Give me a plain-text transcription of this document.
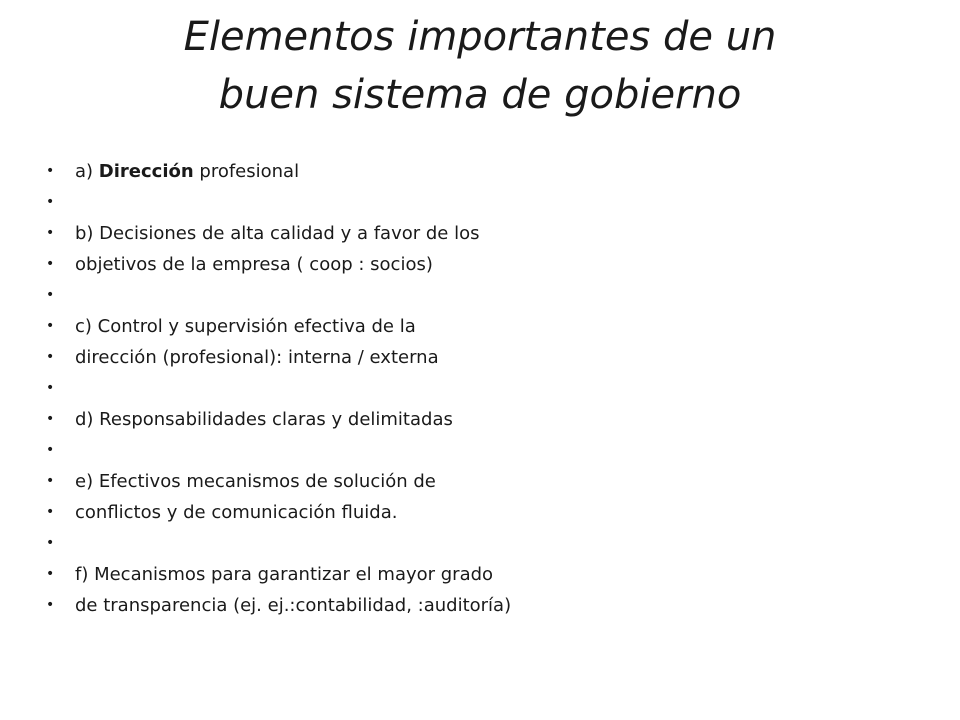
Elementos importantes de un
buen sistema de gobierno
• a) Dirección profesional
•
• b) Decisiones de alta calidad y a favor de los
• objetivos de la empresa ( coop : socios)
•
• c) Control y supervisión efectiva de la
• dirección (profesional): interna / externa
•
• d) Responsabilidades claras y delimitadas
•
• e) Efectivos mecanismos de solución de
• conflictos y de comunicación fluida.
•
• f) Mecanismos para garantizar el mayor grado
• de transparencia (ej. ej.:contabilidad, :auditoría)
